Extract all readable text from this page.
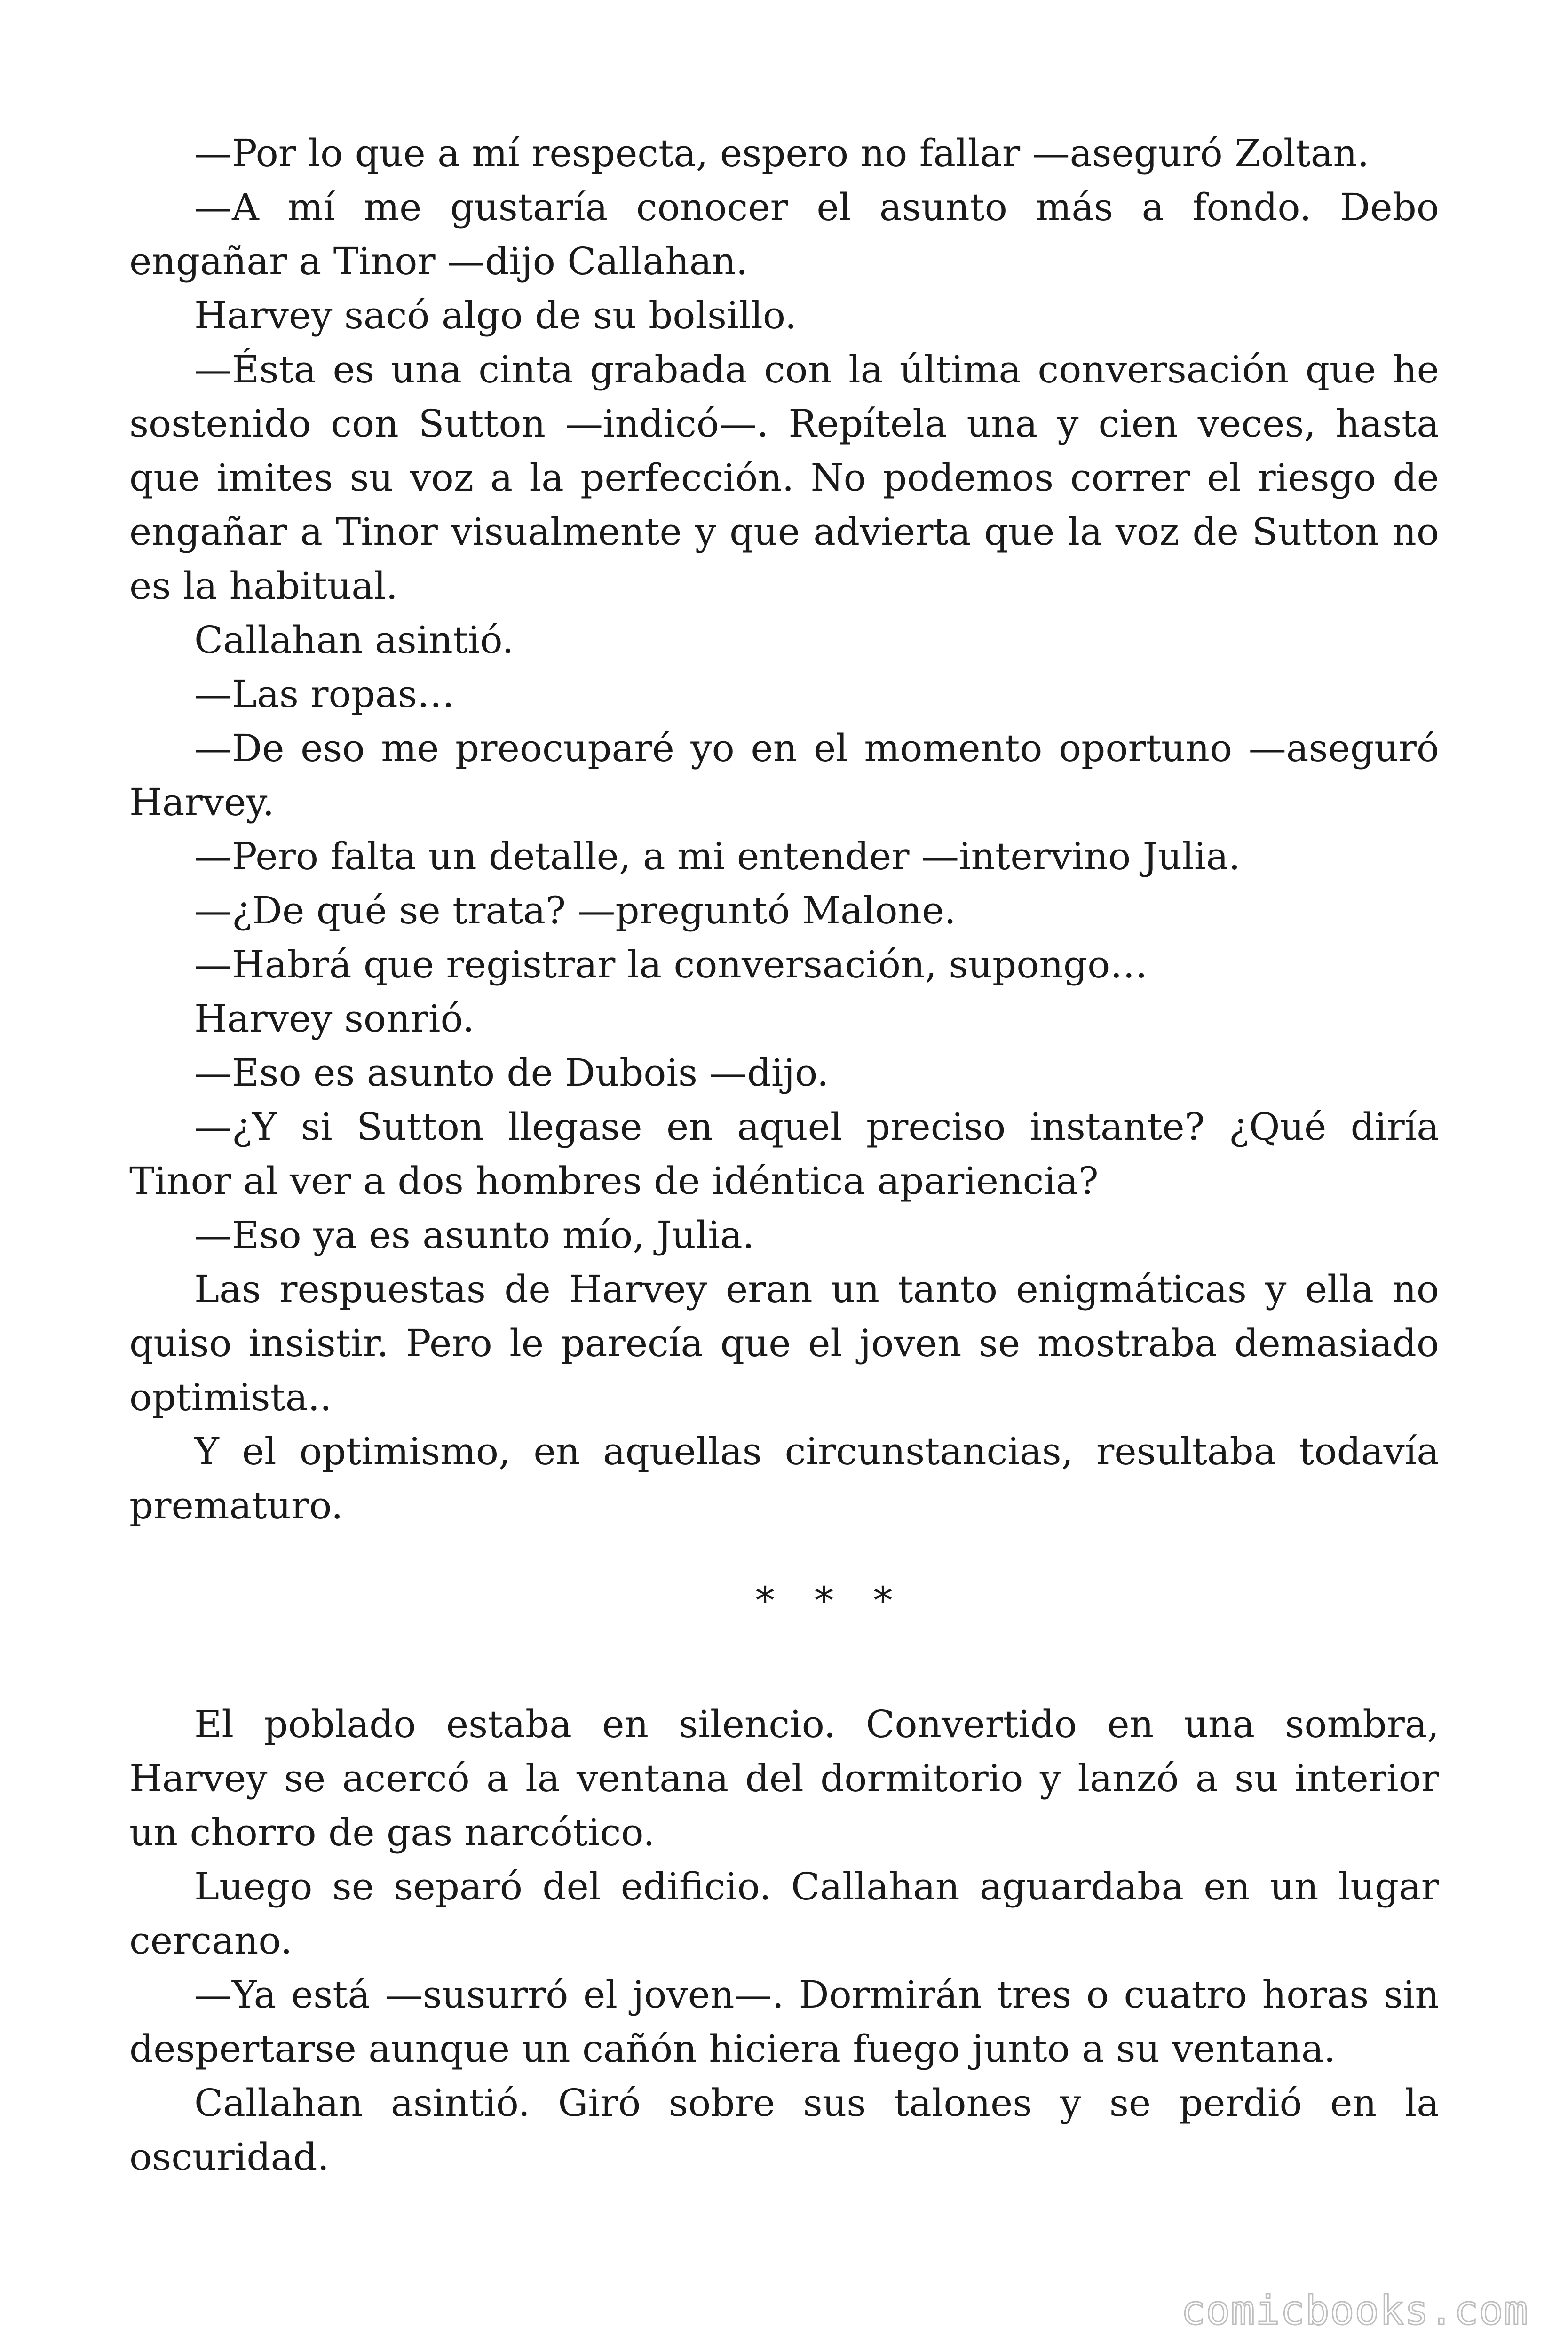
—Por lo que a mí respecta, espero no fallar —aseguró Zoltan.

—A mí me gustaría conocer el asunto más a fondo. Debo engañar a Tinor —dijo Callahan.

Harvey sacó algo de su bolsillo.

—Ésta es una cinta grabada con la última conversación que he sostenido con Sutton —indicó—. Repítela una y cien veces, hasta que imites su voz a la perfección. No podemos correr el riesgo de engañar a Tinor visualmente y que advierta que la voz de Sutton no es la habitual.

Callahan asintió.

—Las ropas…

—De eso me preocuparé yo en el momento oportuno —aseguró Harvey.

—Pero falta un detalle, a mi entender —intervino Julia.

—¿De qué se trata? —preguntó Malone.

—Habrá que registrar la conversación, supongo…

Harvey sonrió.

—Eso es asunto de Dubois —dijo.

—¿Y si Sutton llegase en aquel preciso instante? ¿Qué diría Tinor al ver a dos hombres de idéntica apariencia?

—Eso ya es asunto mío, Julia.

Las respuestas de Harvey eran un tanto enigmáticas y ella no quiso insistir. Pero le parecía que el joven se mostraba demasiado optimista..

Y el optimismo, en aquellas circunstancias, resultaba todavía prematuro.

* * *

El poblado estaba en silencio. Convertido en una sombra, Harvey se acercó a la ventana del dormitorio y lanzó a su interior un chorro de gas narcótico.

Luego se separó del edificio. Callahan aguardaba en un lugar cercano.

—Ya está —susurró el joven—. Dormirán tres o cuatro horas sin despertarse aunque un cañón hiciera fuego junto a su ventana.

Callahan asintió. Giró sobre sus talones y se perdió en la oscuridad.

comicbooks.com
